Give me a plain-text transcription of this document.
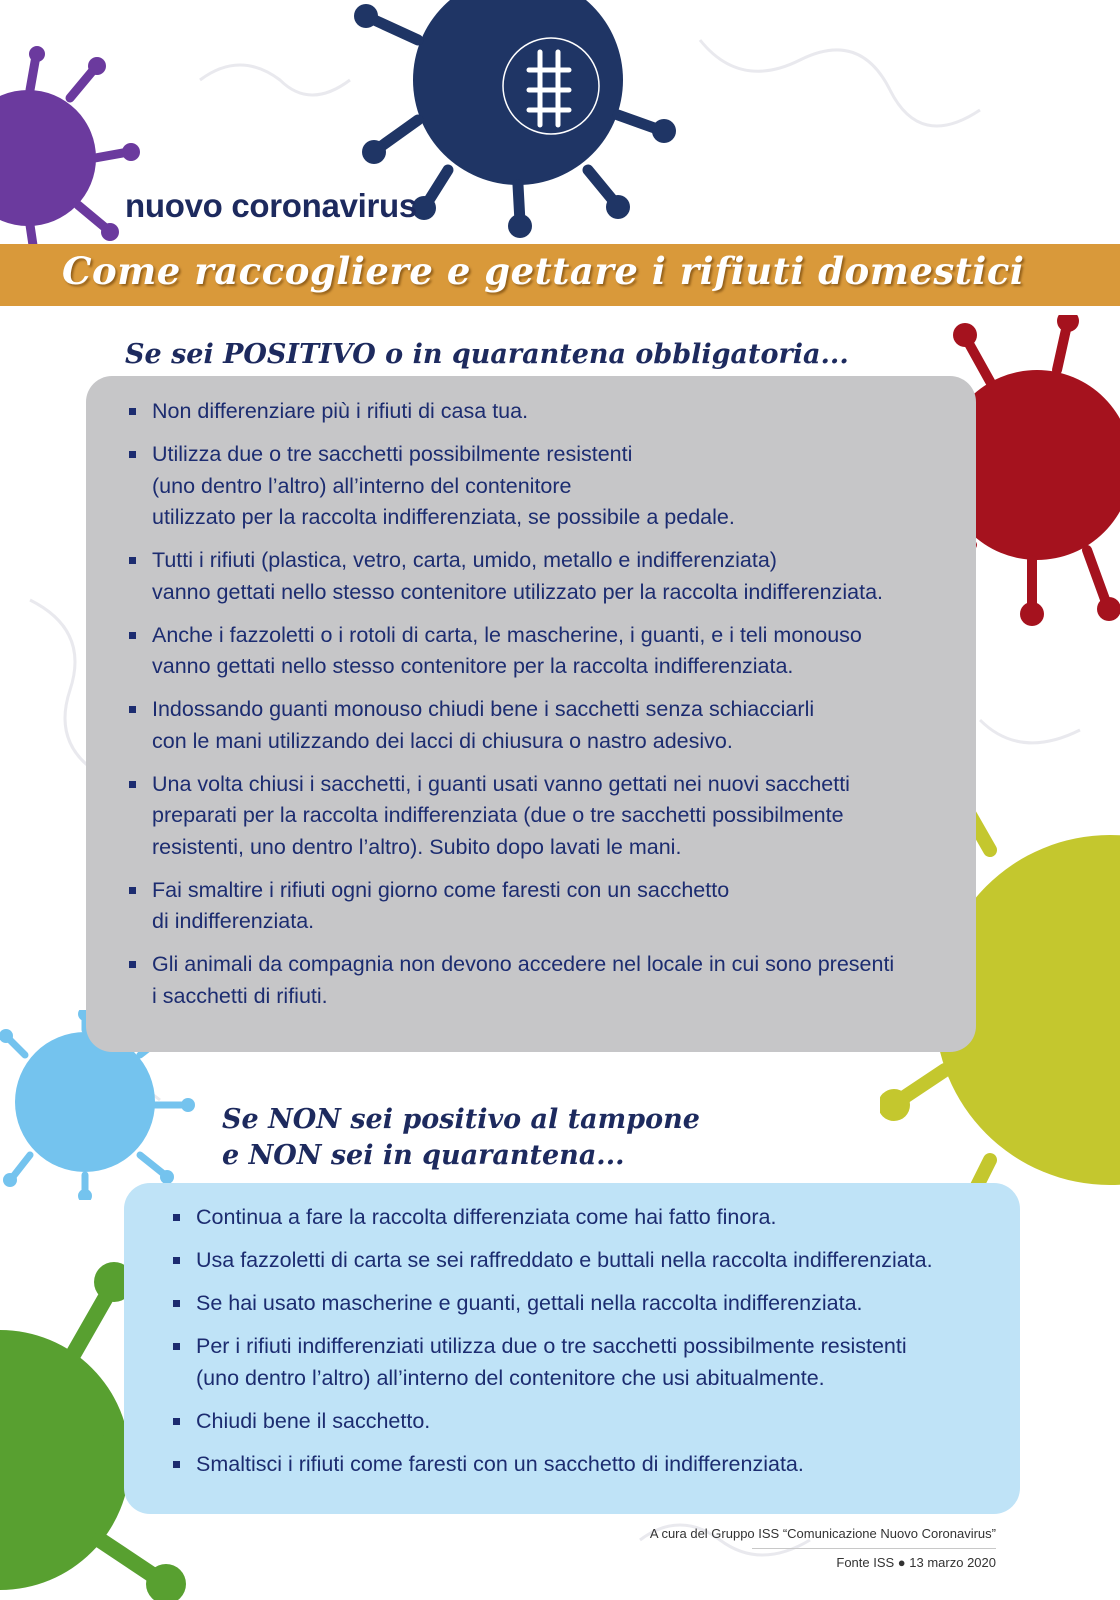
nuovo coronavirus
Come raccogliere e gettare i rifiuti domestici
Se sei POSITIVO o in quarantena obbligatoria...
Non differenziare più i rifiuti di casa tua.
Utilizza due o tre sacchetti possibilmente resistenti
(uno dentro l’altro) all’interno del contenitore
utilizzato per la raccolta indifferenziata, se possibile a pedale.
Tutti i rifiuti (plastica, vetro, carta, umido, metallo e indifferenziata)
vanno gettati nello stesso contenitore utilizzato per la raccolta indifferenziata.
Anche i fazzoletti o i rotoli di carta, le mascherine, i guanti, e i teli monouso
vanno gettati nello stesso contenitore per la raccolta indifferenziata.
Indossando guanti monouso chiudi bene i sacchetti senza schiacciarli
con le mani utilizzando dei lacci di chiusura o nastro adesivo.
Una volta chiusi i sacchetti, i guanti usati vanno gettati nei nuovi sacchetti
preparati per la raccolta indifferenziata (due o tre sacchetti possibilmente
resistenti, uno dentro l’altro). Subito dopo lavati le mani.
Fai smaltire i rifiuti ogni giorno come faresti con un sacchetto
di indifferenziata.
Gli animali da compagnia non devono accedere nel locale in cui sono presenti
i sacchetti di rifiuti.
Se NON sei positivo al tampone
e NON sei in quarantena...
Continua a fare la raccolta differenziata come hai fatto finora.
Usa fazzoletti di carta se sei raffreddato e buttali nella raccolta indifferenziata.
Se hai usato mascherine e guanti, gettali nella raccolta indifferenziata.
Per i rifiuti indifferenziati utilizza due o tre sacchetti possibilmente resistenti
(uno dentro l’altro) all’interno del contenitore che usi abitualmente.
Chiudi bene il sacchetto.
Smaltisci i rifiuti come faresti con un sacchetto di indifferenziata.
A cura del Gruppo ISS “Comunicazione Nuovo Coronavirus”
Fonte ISS ● 13 marzo 2020
